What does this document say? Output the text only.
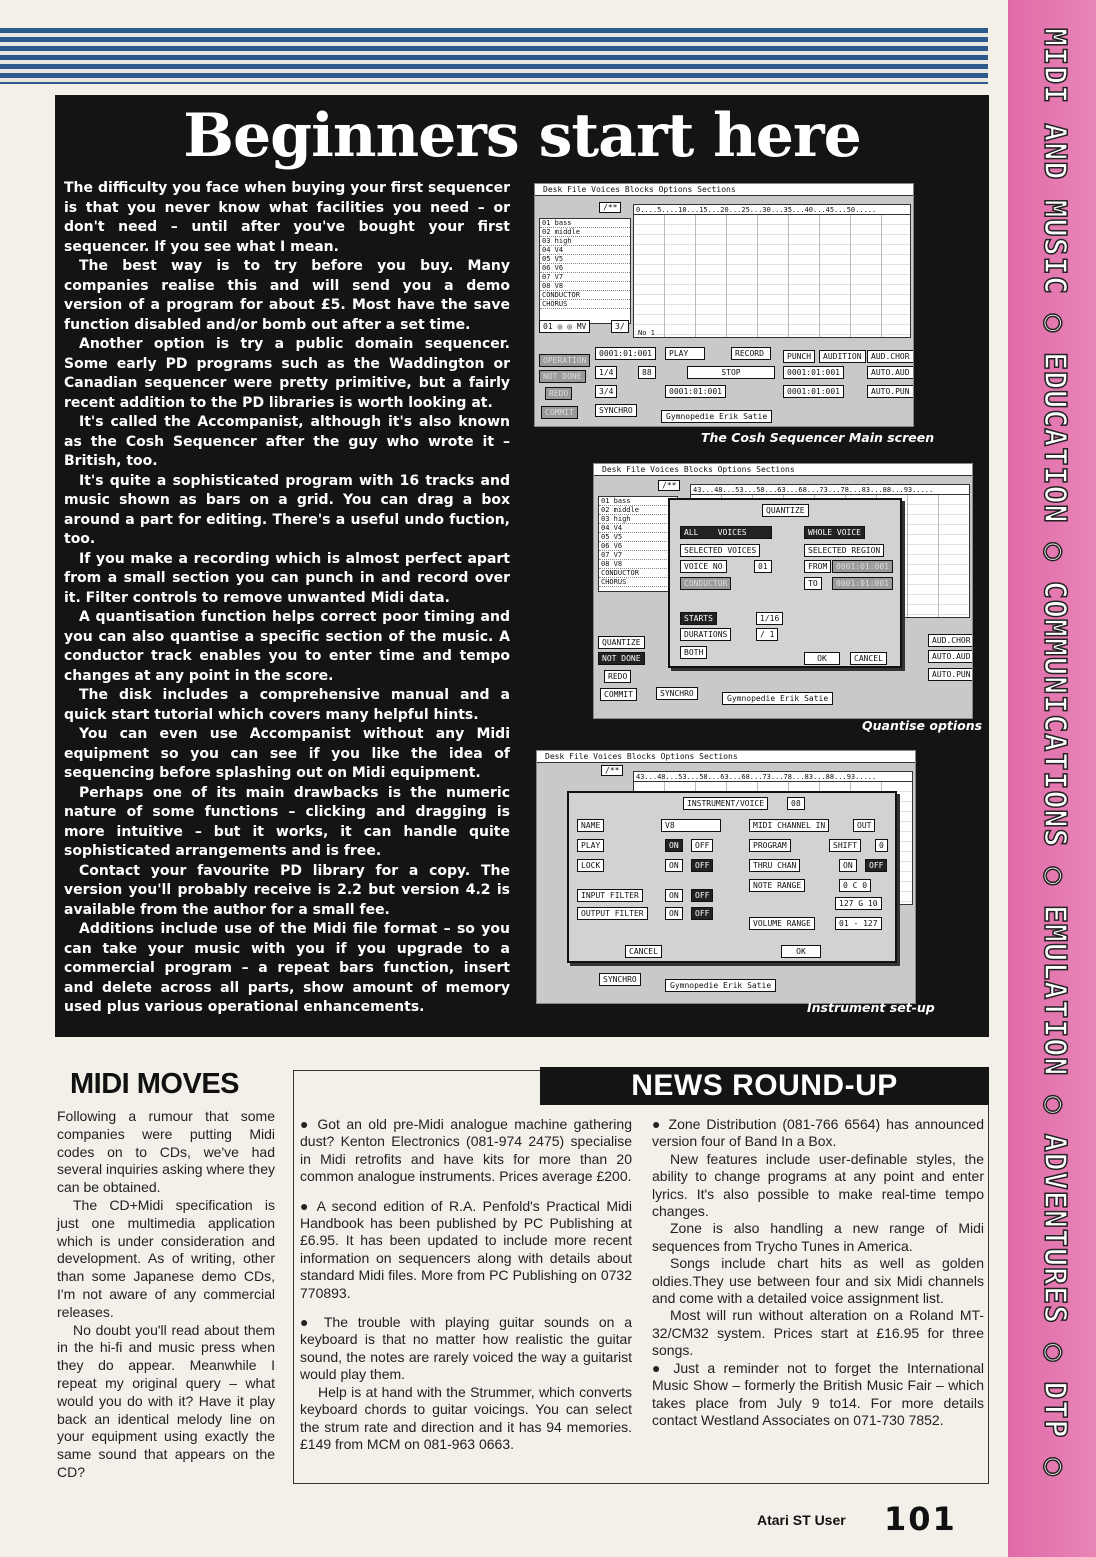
MIDI AND MUSIC ○ EDUCATION ○ COMMUNICATIONS ○ EMULATION ○ ADVENTURES ○ DTP ○
Beginners start here

The difficulty you face when buying your first sequencer is that you never know what facilities you need – or don't need – until after you've bought your first sequencer. If you see what I mean.

The best way is to try before you buy. Many companies realise this and will send you a demo version of a program for about £5. Most have the save function disabled and/or bomb out after a set time.

Another option is try a public domain sequencer. Some early PD programs such as the Waddington or Canadian sequencer were pretty primitive, but a fairly recent addition to the PD libraries is worth looking at.

It's called the Accompanist, although it's also known as the Cosh Sequencer after the guy who wrote it – British, too.

It's quite a sophisticated program with 16 tracks and music shown as bars on a grid. You can drag a box around a part for editing. There's a useful undo fuction, too.

If you make a recording which is almost perfect apart from a small section you can punch in and record over it. Filter controls to remove unwanted Midi data.

A quantisation function helps correct poor timing and you can also quantise a specific section of the music. A conductor track enables you to enter time and tempo changes at any point in the score.

The disk includes a comprehensive manual and a quick start tutorial which covers many helpful hints.

You can even use Accompanist without any Midi equipment so you can see if you like the idea of sequencing before splashing out on Midi equipment.

Perhaps one of its main drawbacks is the numeric nature of some functions – clicking and dragging is more intuitive – but it works, it can handle quite sophisticated arrangements and is free.

Contact your favourite PD library for a copy. The version you'll probably receive is 2.2 but version 4.2 is available from the author for a small fee.

Additions include use of the Midi file format – so you can take your music with you if you upgrade to a commercial program – a repeat bars function, insert and delete across all parts, show amount of memory used plus various operational enhancements.

Desk File Voices Blocks Options Sections
/**
01 bass
02 middle
03 high
04 V4
05 V5
06 V6
07 V7
08 V8
CONDUCTOR
CHORUS
01 ◎ ◎ MV	3/
0....5....10...15...20...25...30...35...40...45...50.....
No 1
OPERATION
NOT DONE
REDO
COMMIT
0001:01:001
1/4	88
3/4
SYNCHRO
PLAY	RECORD
STOP
0001:01:001
Gymnopedie Erik Satie
PUNCH	AUDITION	AUD.CHOR
0001:01:001	AUTO.AUD
0001:01:001	AUTO.PUN
The Cosh Sequencer Main screen
Desk File Voices Blocks Options Sections
/**
01 bass
02 middle
03 high
04 V4
05 V5
06 V6
07 V7
08 V8
CONDUCTOR
CHORUS
43...48...53...58...63...68...73...78...83...88...93.....
QUANTIZE
NOT DONE
REDO
COMMIT	SYNCHRO
Gymnopedie Erik Satie
AUD.CHOR
AUTO.AUD
AUTO.PUN
QUANTIZE
ALL VOICES
SELECTED VOICES
VOICE NO	01
CONDUCTOR
WHOLE VOICE
SELECTED REGION
FROM	0001:01:001
TO	0001:01:001
STARTS	1/16
DURATIONS	/ 1
BOTH
OK	CANCEL
Quantise options
Desk File Voices Blocks Options Sections
/**
43...48...53...58...63...68...73...78...83...88...93.....
SYNCHRO
Gymnopedie Erik Satie
INSTRUMENT/VOICE	08
NAME	V8
PLAY	ON	OFF
LOCK	ON	OFF
INPUT FILTER	ON	OFF
OUTPUT FILTER	ON	OFF
MIDI CHANNEL IN	OUT
PROGRAM	SHIFT	0
THRU CHAN	ON	OFF
NOTE RANGE	0 C 0
127 G 10
VOLUME RANGE	01 - 127
CANCEL	OK
Instrument set-up
MIDI MOVES

Following a rumour that some companies were putting Midi codes on to CDs, we've had several inquiries asking where they can be obtained.

The CD+Midi specification is just one multimedia application which is under consideration and development. As of writing, other than some Japanese demo CDs, I'm not aware of any commercial releases.

No doubt you'll read about them in the hi-fi and music press when they do appear. Meanwhile I repeat my original query – what would you do with it? Have it play back an identical melody line on your equipment using exactly the same sound that appears on the CD?

NEWS ROUND-UP

● Got an old pre-Midi analogue machine gathering dust? Kenton Electronics (081-974 2475) specialise in Midi retrofits and have kits for more than 20 common analogue instruments. Prices average £200.

● A second edition of R.A. Penfold's Practical Midi Handbook has been published by PC Publishing at £6.95. It has been updated to include more recent information on sequencers along with details about standard Midi files. More from PC Publishing on 0732 770893.

● The trouble with playing guitar sounds on a keyboard is that no matter how realistic the guitar sound, the notes are rarely voiced the way a guitarist would play them.

Help is at hand with the Strummer, which converts keyboard chords to guitar voicings. You can select the strum rate and direction and it has 94 memories. £149 from MCM on 081-963 0663.

● Zone Distribution (081-766 6564) has announced version four of Band In a Box.

New features include user-definable styles, the ability to change programs at any point and enter lyrics. It's also possible to make real-time tempo changes.

Zone is also handling a new range of Midi sequences from Trycho Tunes in America.

Songs include chart hits as well as golden oldies.They use between four and six Midi channels and come with a detailed voice assignment list.

Most will run without alteration on a Roland MT-32/CM32 system. Prices start at £16.95 for three songs.

● Just a reminder not to forget the International Music Show – formerly the British Music Fair – which takes place from July 9 to14. For more details contact Westland Associates on 071-730 7852.

Atari ST User 101
